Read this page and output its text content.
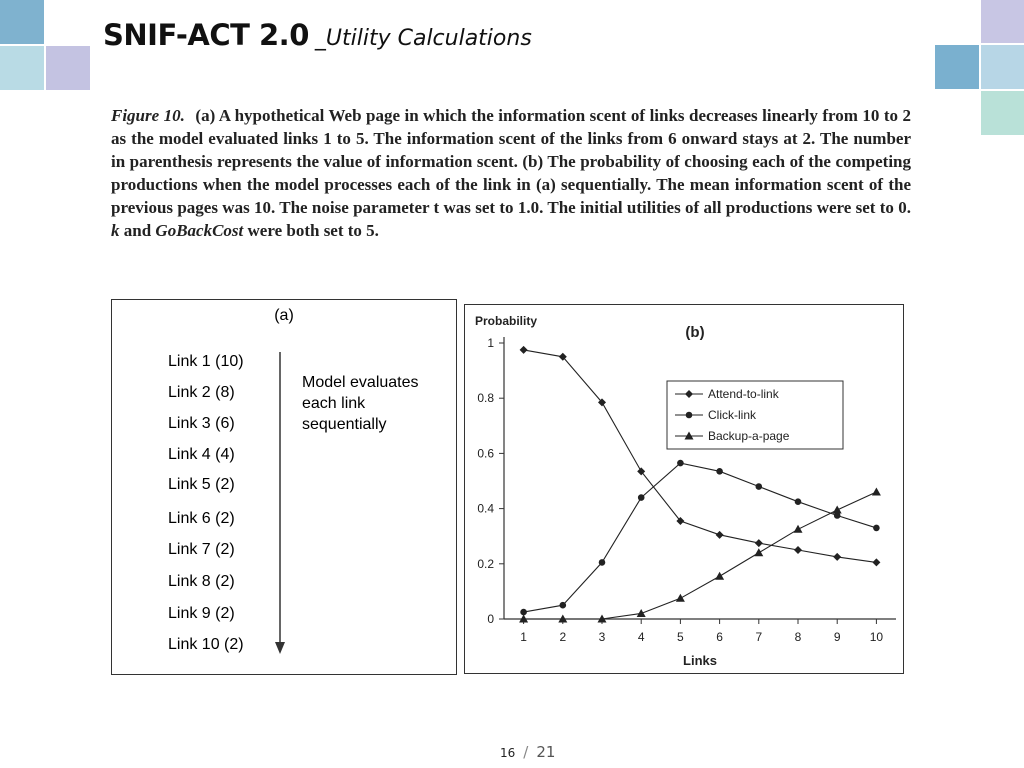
SNIF-ACT 2.0 _Utility Calculations
Figure 10. (a) A hypothetical Web page in which the information scent of links decreases linearly from 10 to 2 as the model evaluated links 1 to 5. The information scent of the links from 6 onward stays at 2. The number in parenthesis represents the value of information scent. (b) The probability of choosing each of the competing productions when the model processes each of the link in (a) sequentially. The mean information scent of the previous pages was 10. The noise parameter t was set to 1.0. The initial utilities of all productions were set to 0. k and GoBackCost were both set to 5.
(a)
Link 1 (10)
Link 2 (8)
Link 3 (6)
Link 4 (4)
Link 5 (2)
Link 6 (2)
Link 7 (2)
Link 8 (2)
Link 9 (2)
Link 10 (2)
Model evaluates
each link
sequentially
0
0.2
0.4
0.6
0.8
1
1	2	3	4	5	6	7	8	9 10
Probability
Links
(b)
Attend-to-link
Click-link
Backup-a-page
16 / 21
